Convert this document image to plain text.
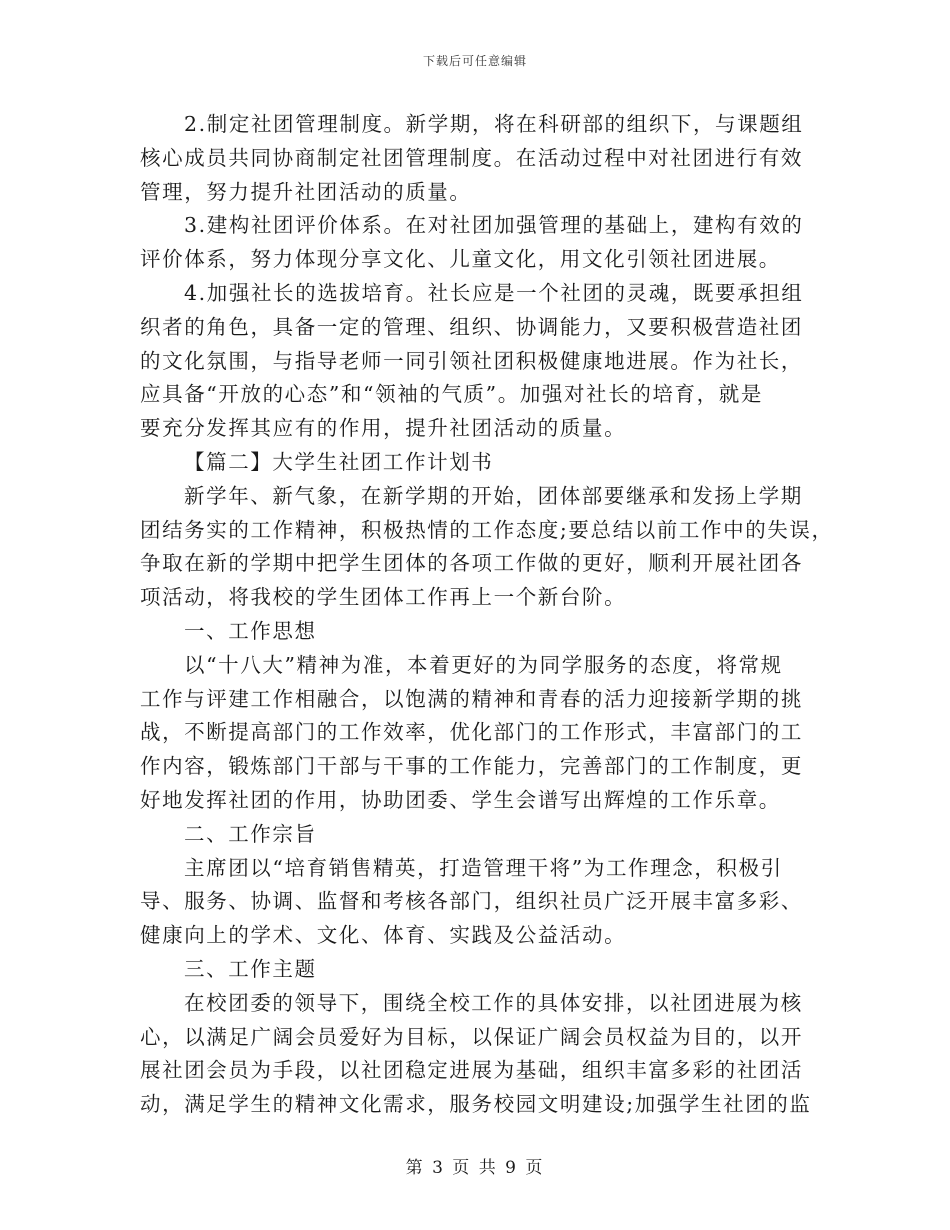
下载后可任意编辑
2.制定社团管理制度。新学期，将在科研部的组织下，与课题组
核心成员共同协商制定社团管理制度。在活动过程中对社团进行有效
管理，努力提升社团活动的质量。
3.建构社团评价体系。在对社团加强管理的基础上，建构有效的
评价体系，努力体现分享文化、儿童文化，用文化引领社团进展。
4.加强社长的选拔培育。社长应是一个社团的灵魂，既要承担组
织者的角色，具备一定的管理、组织、协调能力，又要积极营造社团
的文化氛围，与指导老师一同引领社团积极健康地进展。作为社长，
应具备“开放的心态”和“领袖的气质”。加强对社长的培育，就是
要充分发挥其应有的作用，提升社团活动的质量。
【篇二】大学生社团工作计划书
新学年、新气象，在新学期的开始，团体部要继承和发扬上学期
团结务实的工作精神，积极热情的工作态度;要总结以前工作中的失误，
争取在新的学期中把学生团体的各项工作做的更好，顺利开展社团各
项活动，将我校的学生团体工作再上一个新台阶。
一、工作思想
以“十八大”精神为准，本着更好的为同学服务的态度，将常规
工作与评建工作相融合，以饱满的精神和青春的活力迎接新学期的挑
战，不断提高部门的工作效率，优化部门的工作形式，丰富部门的工
作内容，锻炼部门干部与干事的工作能力，完善部门的工作制度，更
好地发挥社团的作用，协助团委、学生会谱写出辉煌的工作乐章。
二、工作宗旨
主席团以“培育销售精英，打造管理干将”为工作理念，积极引
导、服务、协调、监督和考核各部门，组织社员广泛开展丰富多彩、
健康向上的学术、文化、体育、实践及公益活动。
三、工作主题
在校团委的领导下，围绕全校工作的具体安排，以社团进展为核
心，以满足广阔会员爱好为目标，以保证广阔会员权益为目的，以开
展社团会员为手段，以社团稳定进展为基础，组织丰富多彩的社团活
动，满足学生的精神文化需求，服务校园文明建设;加强学生社团的监
第 3 页 共 9 页
